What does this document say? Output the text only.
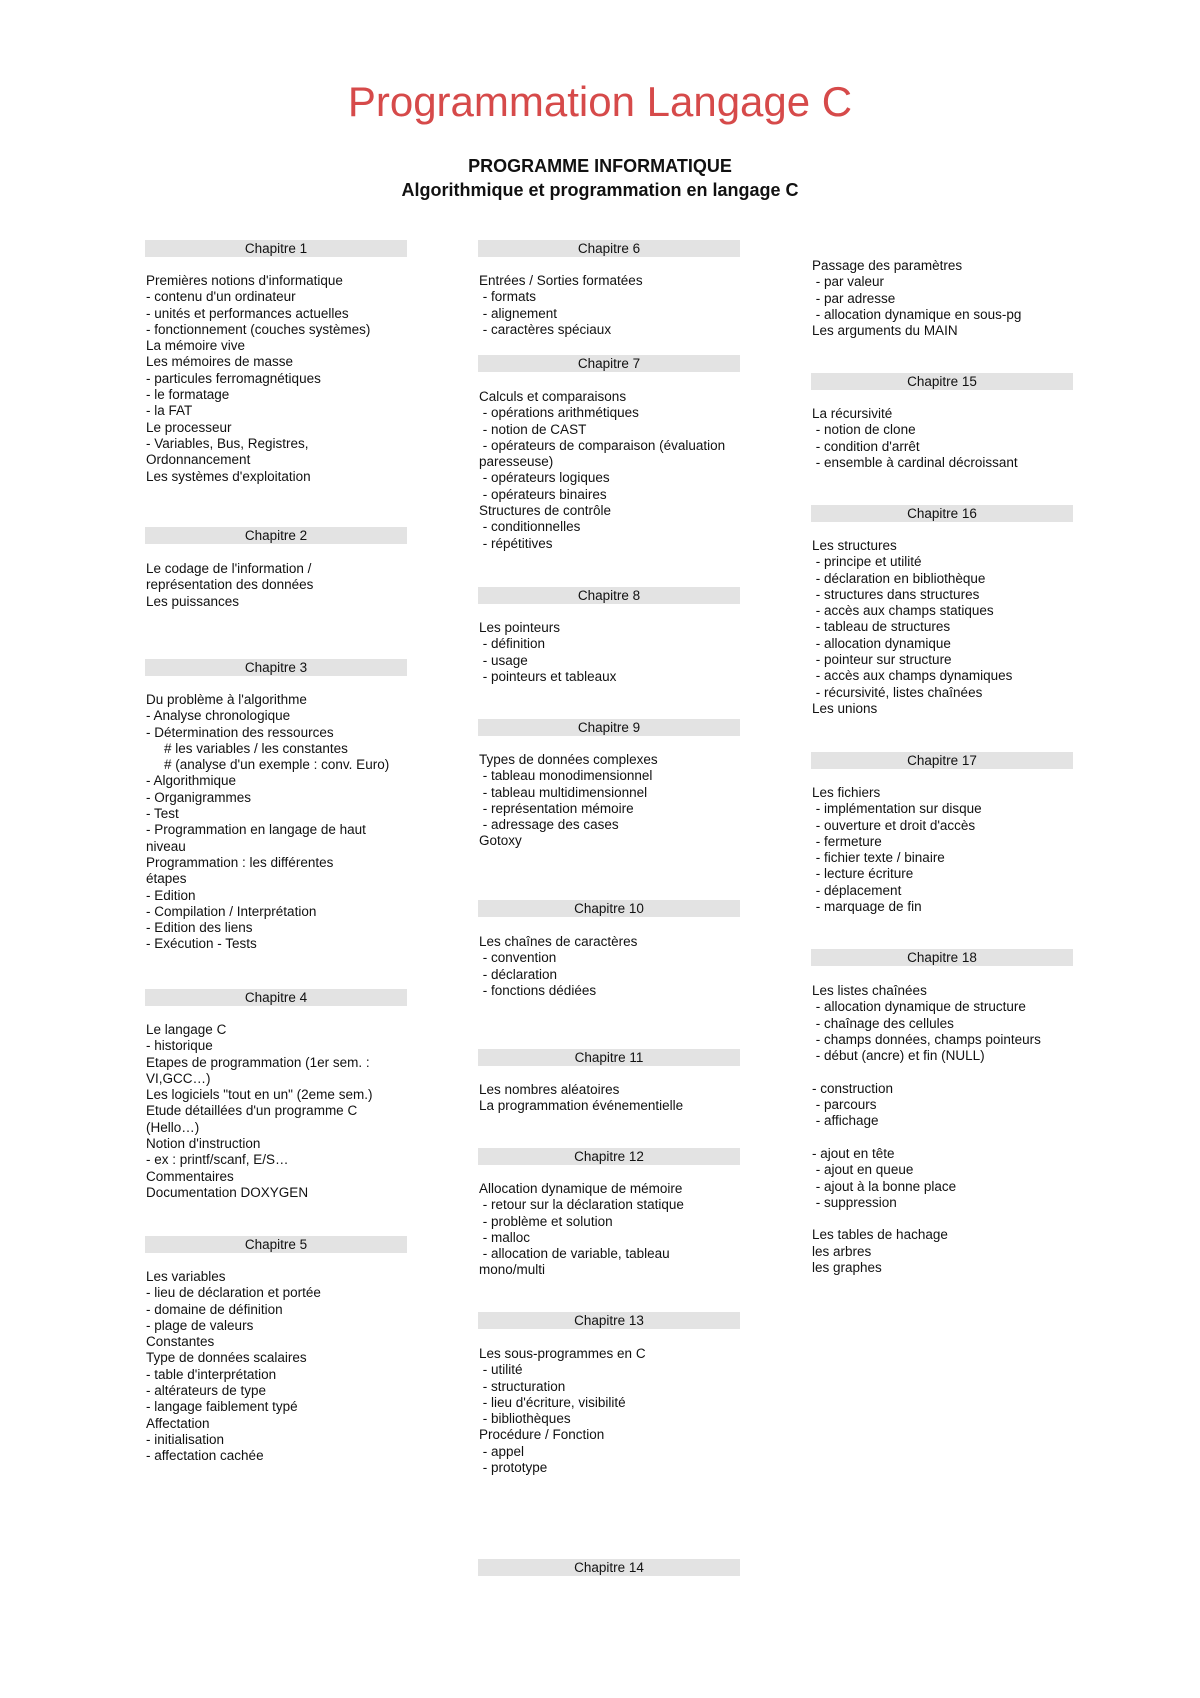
Programmation Langage C
PROGRAMME INFORMATIQUE
Algorithmique et programmation en langage C
Chapitre 1
Premières notions d'informatique
- contenu d'un ordinateur
- unités et performances actuelles
- fonctionnement (couches systèmes)
La mémoire vive
Les mémoires de masse
- particules ferromagnétiques
- le formatage
- la FAT
Le processeur
- Variables, Bus, Registres,
Ordonnancement
Les systèmes d'exploitation
Chapitre 2
Le codage de l'information /
représentation des données
Les puissances
Chapitre 3
Du problème à l'algorithme
- Analyse chronologique
- Détermination des ressources
# les variables / les constantes
# (analyse d'un exemple : conv. Euro)
- Algorithmique
- Organigrammes
- Test
- Programmation en langage de haut
niveau
Programmation : les différentes
étapes
- Edition
- Compilation / Interprétation
- Edition des liens
- Exécution - Tests
Chapitre 4
Le langage C
- historique
Etapes de programmation (1er sem. :
VI,GCC…)
Les logiciels "tout en un" (2eme sem.)
Etude détaillées d'un programme C
(Hello…)
Notion d'instruction
- ex : printf/scanf, E/S…
Commentaires
Documentation DOXYGEN
Chapitre 5
Les variables
- lieu de déclaration et portée
- domaine de définition
- plage de valeurs
Constantes
Type de données scalaires
- table d'interprétation
- altérateurs de type
- langage faiblement typé
Affectation
- initialisation
- affectation cachée
Chapitre 6
Entrées / Sorties formatées
- formats
- alignement
- caractères spéciaux
Chapitre 7
Calculs et comparaisons
- opérations arithmétiques
- notion de CAST
- opérateurs de comparaison (évaluation
paresseuse)
- opérateurs logiques
- opérateurs binaires
Structures de contrôle
- conditionnelles
- répétitives
Chapitre 8
Les pointeurs
- définition
- usage
- pointeurs et tableaux
Chapitre 9
Types de données complexes
- tableau monodimensionnel
- tableau multidimensionnel
- représentation mémoire
- adressage des cases
Gotoxy
Chapitre 10
Les chaînes de caractères
- convention
- déclaration
- fonctions dédiées
Chapitre 11
Les nombres aléatoires
La programmation événementielle
Chapitre 12
Allocation dynamique de mémoire
- retour sur la déclaration statique
- problème et solution
- malloc
- allocation de variable, tableau
mono/multi
Chapitre 13
Les sous-programmes en C
- utilité
- structuration
- lieu d'écriture, visibilité
- bibliothèques
Procédure / Fonction
- appel
- prototype
Chapitre 14
Passage des paramètres
- par valeur
- par adresse
- allocation dynamique en sous-pg
Les arguments du MAIN
Chapitre 15
La récursivité
- notion de clone
- condition d'arrêt
- ensemble à cardinal décroissant
Chapitre 16
Les structures
- principe et utilité
- déclaration en bibliothèque
- structures dans structures
- accès aux champs statiques
- tableau de structures
- allocation dynamique
- pointeur sur structure
- accès aux champs dynamiques
- récursivité, listes chaînées
Les unions
Chapitre 17
Les fichiers
- implémentation sur disque
- ouverture et droit d'accès
- fermeture
- fichier texte / binaire
- lecture écriture
- déplacement
- marquage de fin
Chapitre 18
Les listes chaînées
- allocation dynamique de structure
- chaînage des cellules
- champs données, champs pointeurs
- début (ancre) et fin (NULL)

- construction
- parcours
- affichage

- ajout en tête
- ajout en queue
- ajout à la bonne place
- suppression

Les tables de hachage
les arbres
les graphes
